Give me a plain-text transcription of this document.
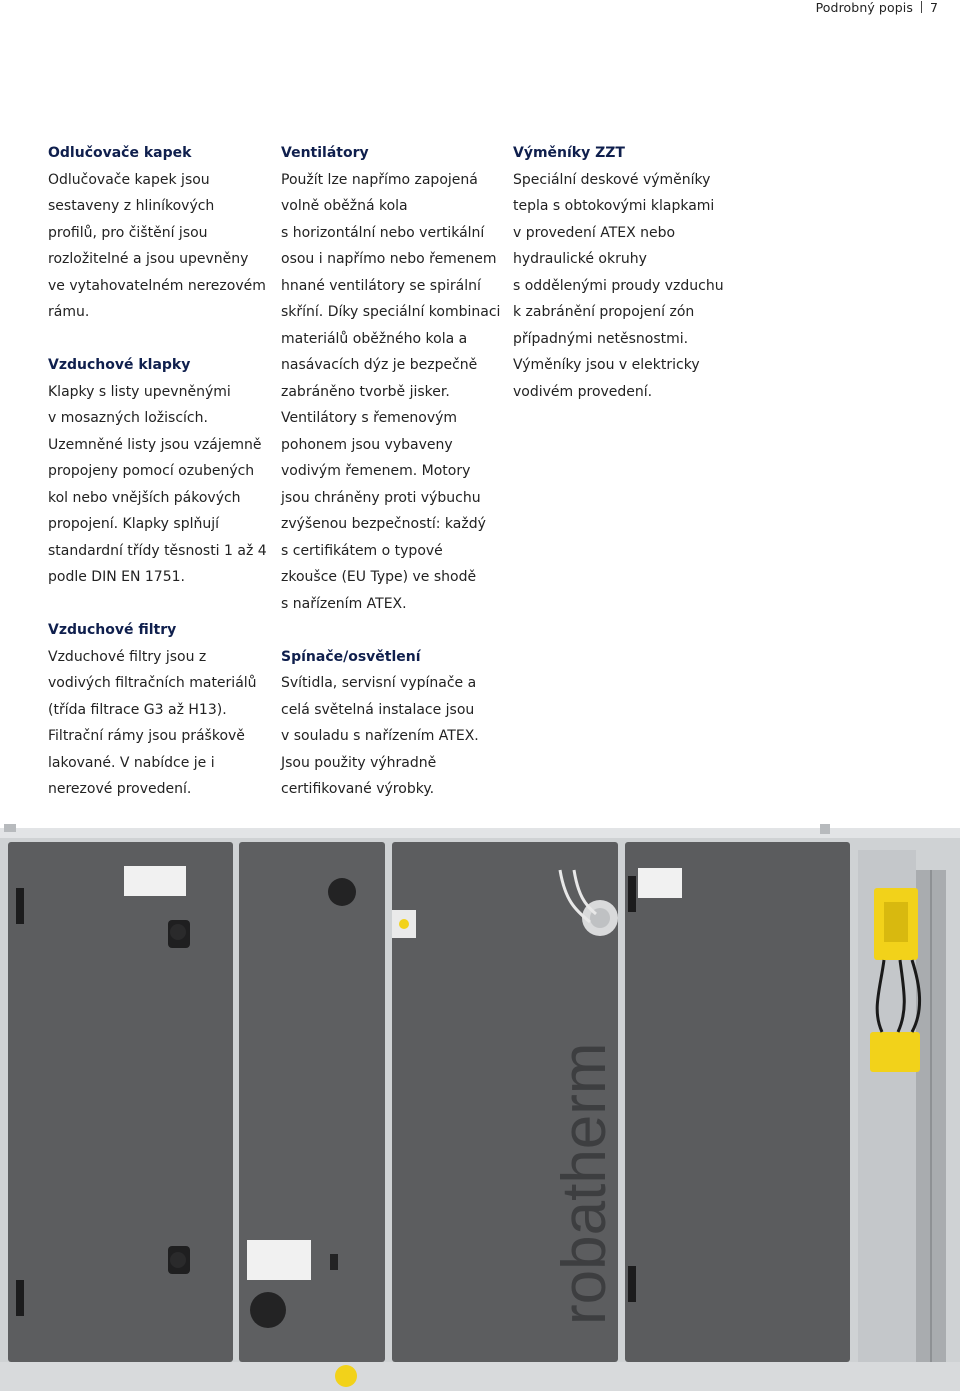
Podrobný popis 7
Odlučovače kapek
Odlučovače kapek jsou
sestaveny z hliníkových
profilů, pro čištění jsou
rozložitelné a jsou upevněny
ve vytahovatelném nerezovém
rámu.
Vzduchové klapky
Klapky s listy upevněnými
v mosazných ložiscích.
Uzemněné listy jsou vzájemně
propojeny pomocí ozubených
kol nebo vnějších pákových
propojení. Klapky splňují
standardní třídy těsnosti 1 až 4
podle DIN EN 1751.
Vzduchové filtry
Vzduchové filtry jsou z
vodivých filtračních materiálů
(třída filtrace G3 až H13).
Filtrační rámy jsou práškově
lakované. V nabídce je i
nerezové provedení.
Ventilátory
Použít lze napřímo zapojená
volně oběžná kola
s horizontální nebo vertikální
osou i napřímo nebo řemenem
hnané ventilátory se spirální
skříní. Díky speciální kombinaci
materiálů oběžného kola a
nasávacích dýz je bezpečně
zabráněno tvorbě jisker.
Ventilátory s řemenovým
pohonem jsou vybaveny
vodivým řemenem. Motory
jsou chráněny proti výbuchu
zvýšenou bezpečností: každý
s certifikátem o typové
zkoušce (EU Type) ve shodě
s nařízením ATEX.
Spínače/osvětlení
Svítidla, servisní vypínače a
celá světelná instalace jsou
v souladu s nařízením ATEX.
Jsou použity výhradně
certifikované výrobky.
Výměníky ZZT
Speciální deskové výměníky
tepla s obtokovými klapkami
v provedení ATEX nebo
hydraulické okruhy
s oddělenými proudy vzduchu
k zabránění propojení zón
případnými netěsnostmi.
Výměníky jsou v elektricky
vodivém provedení.
robatherm
